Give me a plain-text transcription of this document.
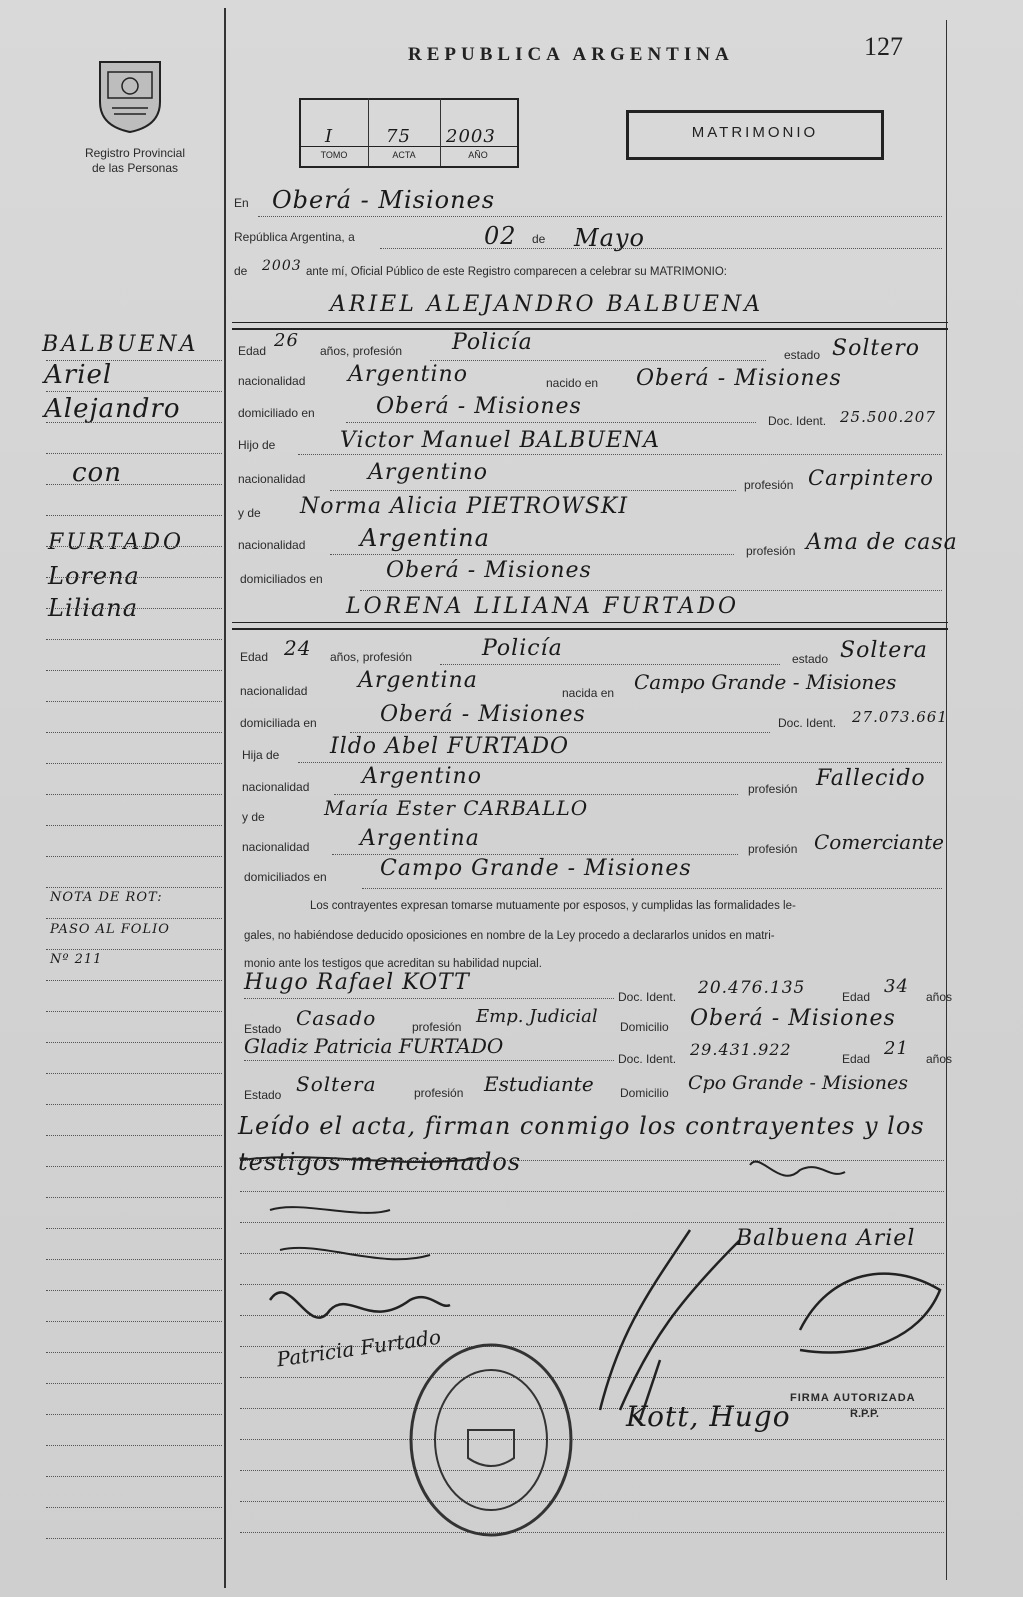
Registro Provincial
de las Personas
REPUBLICA ARGENTINA	127
I	75 2003
TOMO	ACTA	AÑO
MATRIMONIO
En Oberá - Misiones
República Argentina, a	02 de Mayo
de 2003 ante mí, Oficial Público de este Registro comparecen a celebrar su MATRIMONIO:
ARIEL ALEJANDRO BALBUENA
Edad 26 años, profesión Policía	estado Soltero
nacionalidad Argentino	nacido en Oberá - Misiones
domiciliado en	Oberá - Misiones
Doc. Ident. 25.500.207
Hijo de	Victor Manuel BALBUENA
nacionalidad	Argentino	profesión Carpintero
y de Norma Alicia PIETROWSKI
nacionalidad Argentina	profesión Ama de casa
domiciliados en	Oberá - Misiones
LORENA LILIANA FURTADO
Edad 24 años, profesión	Policía	estado Soltera
nacionalidad Argentina	nacida en Campo Grande - Misiones
domiciliada en	Oberá - Misiones	Doc. Ident. 27.073.661
Hija de Ildo Abel FURTADO
nacionalidad Argentino	profesión Fallecido
y de	María Ester CARBALLO
nacionalidad Argentina	profesión Comerciante
domiciliados en Campo Grande - Misiones
Los contrayentes expresan tomarse mutuamente por esposos, y cumplidas las formalidades le-
gales, no habiéndose deducido oposiciones en nombre de la Ley procedo a declararlos unidos en matri-
monio ante los testigos que acreditan su habilidad nupcial.
Hugo Rafael KOTT
Doc. Ident. 20.476.135	Edad 34 años
Estado Casado	profesión Emp. Judicial Domicilio Oberá - Misiones
Gladiz Patricia FURTADO
Doc. Ident. 29.431.922	Edad 21 años
Estado Soltera	profesión Estudiante Domicilio Cpo Grande - Misiones
Leído el acta, firman conmigo los contrayentes y los testigos mencionados
BALBUENA
Ariel
Alejandro
con
FURTADO
Lorena
Liliana
NOTA DE ROT:
PASO AL FOLIO
Nº 211
Balbuena Ariel
Patricia Furtado
Kott, Hugo
FIRMA AUTORIZADA
R.P.P.
